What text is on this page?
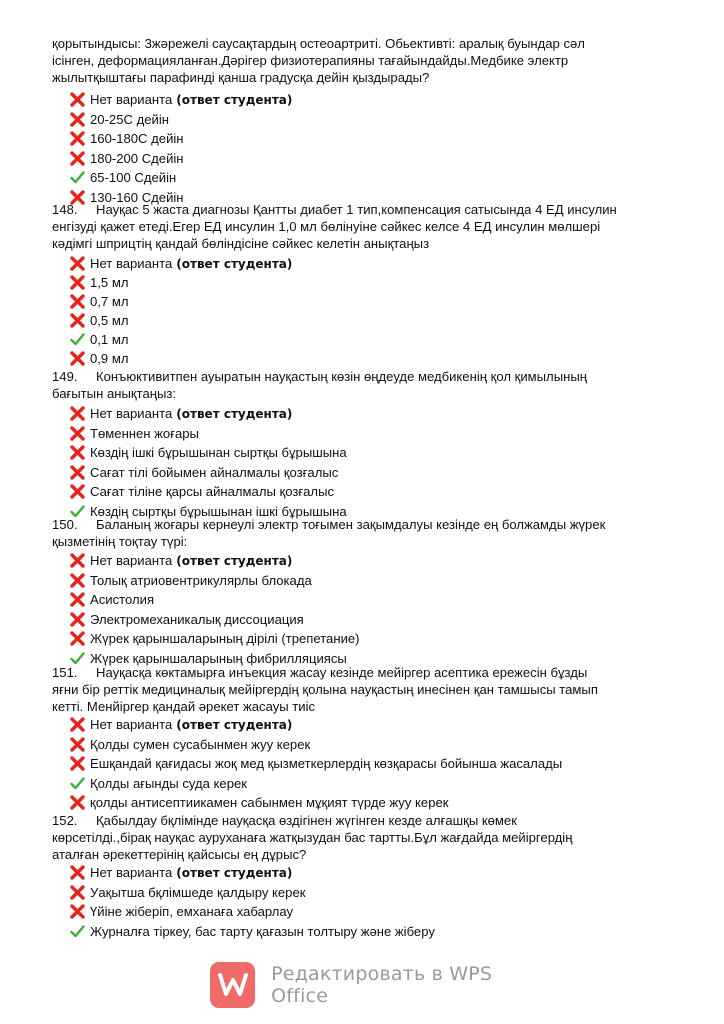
қорытындысы: 3жәрежелі саусақтардың остеоартриті. Обьективті: аралық буындар сәл
ісінген, деформацияланған.Дәрігер физиотерапияны тағайындайды.Медбике электр
жылытқыштағы парафинді қанша градусқа дейін қыздырады?
Нет варианта (ответ студента)
20-25С дейін
160-180С дейін
180-200 Сдейін
65-100 Сдейін
130-160 Сдейін
148. Науқас 5 жаста диагнозы Қантты диабет 1 тип,компенсация сатысында 4 ЕД инсулин
енгізуді қажет етеді.Егер ЕД инсулин 1,0 мл бөлінуіне сәйкес келсе 4 ЕД инсулин мөлшері
кәдімгі шприцтің қандай бөліндісіне сәйкес келетін анықтаңыз
Нет варианта (ответ студента)
1,5 мл
0,7 мл
0,5 мл
0,1 мл
0,9 мл
149. Конъюктивитпен ауыратын науқастың көзін өңдеуде медбикенің қол қимылының
бағытын анықтаңыз:
Нет варианта (ответ студента)
Төменнен жоғары
Көздің ішкі бұрышынан сыртқы бұрышына
Сағат тілі бойымен айналмалы қозғалыс
Сағат тіліне қарсы айналмалы қозғалыс
Көздің сыртқы бұрышынан ішкі бұрышына
150. Баланың жоғары кернеулі электр тоғымен зақымдалуы кезінде ең болжамды жүрек
қызметінің тоқтау түрі:
Нет варианта (ответ студента)
Толық атриовентрикулярлы блокада
Асистолия
Электромеханикалық диссоциация
Жүрек қарыншаларының дірілі (трепетание)
Жүрек қарыншаларының фибрилляциясы
151. Науқасқа көктамырға инъекция жасау кезінде мейіргер асептика ережесін бұзды
яғни бір реттік медициналық мейіргердің қолына науқастың инесінен қан тамшысы тамып
кетті. Менйіргер қандай әрекет жасауы тиіс
Нет варианта (ответ студента)
Қолды сумен сусабынмен жуу керек
Ешқандай қағидасы жоқ мед қызметкерлердің көзқарасы бойынша жасалады
Қолды ағынды суда керек
қолды антисептиикамен сабынмен мұқият түрде жуу керек
152. Қабылдау бқлімінде науқасқа өздігінен жүгінген кезде алғашқы көмек
көрсетілді.,бірақ науқас ауруханаға жатқызудан бас тартты.Бұл жағдайда мейіргердің
аталған әрекеттерінің қайсысы ең дұрыс?
Нет варианта (ответ студента)
Уақытша бқлімшеде қалдыру керек
Үйіне жіберіп, емханаға хабарлау
Журналға тіркеу, бас тарту қағазын толтыру және жіберу
Редактировать в WPS Office
